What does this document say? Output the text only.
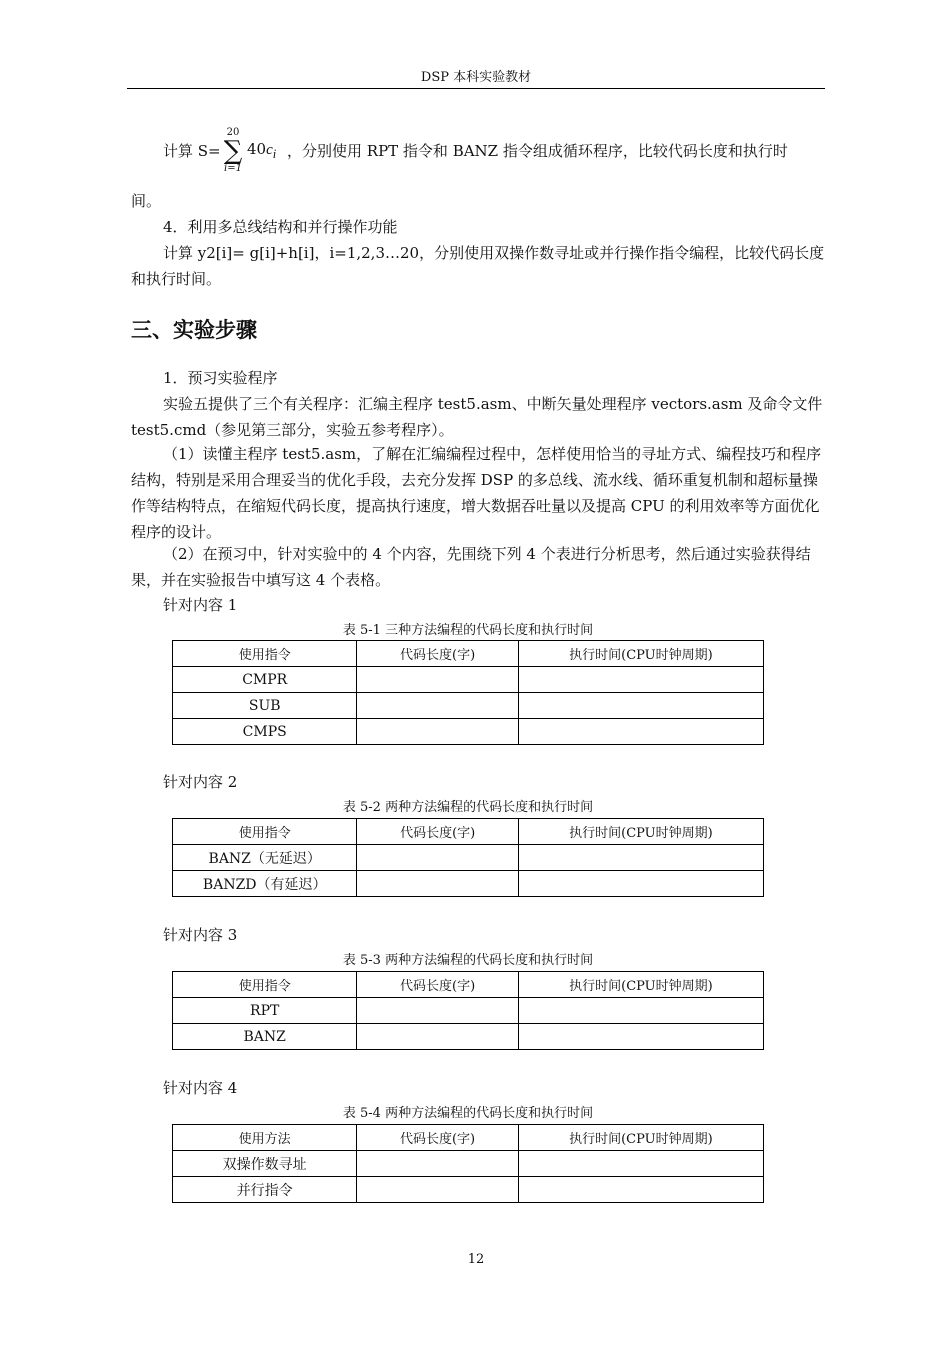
DSP 本科实验教材
计算 S=
20
∑
i=1
$40c_i$ ，分别使用 RPT 指令和 BANZ 指令组成循环程序，比较代码长度和执行时

间。

4．利用多总线结构和并行操作功能

计算 y2[i]= g[i]+h[i]，i=1,2,3…20，分别使用双操作数寻址或并行操作指令编程，比较代码长度和执行时间。

三、实验步骤

1．预习实验程序

实验五提供了三个有关程序：汇编主程序 test5.asm、中断矢量处理程序 vectors.asm 及命令文件 test5.cmd（参见第三部分，实验五参考程序）。

（1）读懂主程序 test5.asm，了解在汇编编程过程中，怎样使用恰当的寻址方式、编程技巧和程序结构，特别是采用合理妥当的优化手段，去充分发挥 DSP 的多总线、流水线、循环重复机制和超标量操作等结构特点，在缩短代码长度，提高执行速度，增大数据吞吐量以及提高 CPU 的利用效率等方面优化程序的设计。

（2）在预习中，针对实验中的 4 个内容，先围绕下列 4 个表进行分析思考，然后通过实验获得结果，并在实验报告中填写这 4 个表格。

针对内容 1

表 5-1 三种方法编程的代码长度和执行时间
使用指令	代码长度(字)	执行时间(CPU时钟周期)
CMPR		
SUB		
CMPS		

针对内容 2

表 5-2 两种方法编程的代码长度和执行时间
使用指令	代码长度(字)	执行时间(CPU时钟周期)
BANZ（无延迟）		
BANZD（有延迟）		

针对内容 3

表 5-3 两种方法编程的代码长度和执行时间
使用指令	代码长度(字)	执行时间(CPU时钟周期)
RPT		
BANZ		

针对内容 4

表 5-4 两种方法编程的代码长度和执行时间
使用方法	代码长度(字)	执行时间(CPU时钟周期)
双操作数寻址		
并行指令		
12
